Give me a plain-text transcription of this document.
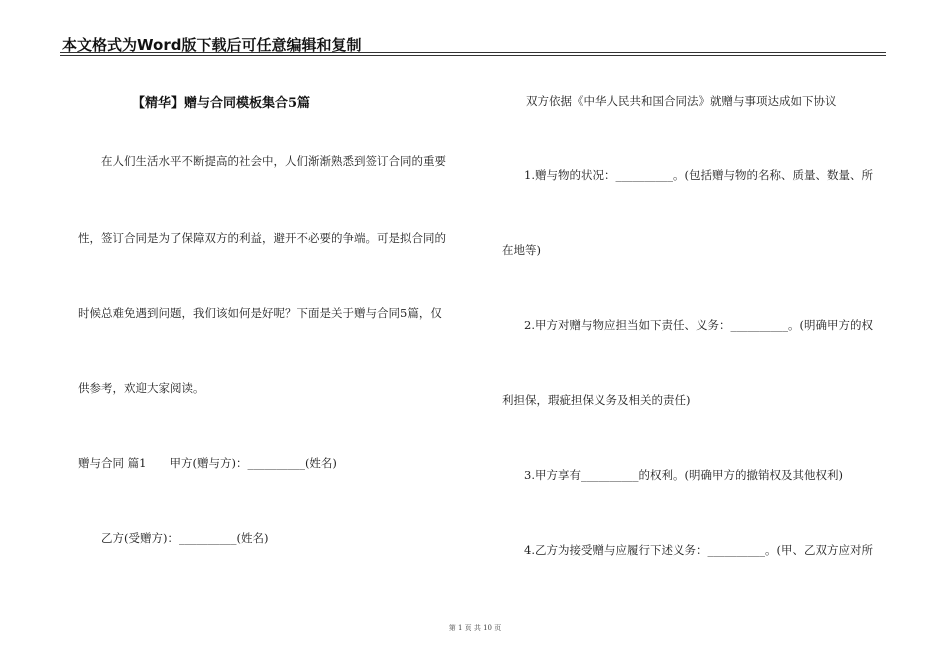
本文格式为Word版下载后可任意编辑和复制
【精华】赠与合同模板集合5篇
在人们生活水平不断提高的社会中，人们渐渐熟悉到签订合同的重要
性，签订合同是为了保障双方的利益，避开不必要的争端。可是拟合同的
时候总难免遇到问题，我们该如何是好呢？下面是关于赠与合同5篇，仅
供参考，欢迎大家阅读。
赠与合同 篇1　　甲方(赠与方)：__________(姓名)
乙方(受赠方)：__________(姓名)
双方依据《中华人民共和国合同法》就赠与事项达成如下协议
1.赠与物的状况：__________。(包括赠与物的名称、质量、数量、所
在地等)
2.甲方对赠与物应担当如下责任、义务：__________。(明确甲方的权
利担保，瑕疵担保义务及相关的责任)
3.甲方享有__________的权利。(明确甲方的撤销权及其他权利)
4.乙方为接受赠与应履行下述义务：__________。(甲、乙双方应对所
第 1 页 共 10 页
